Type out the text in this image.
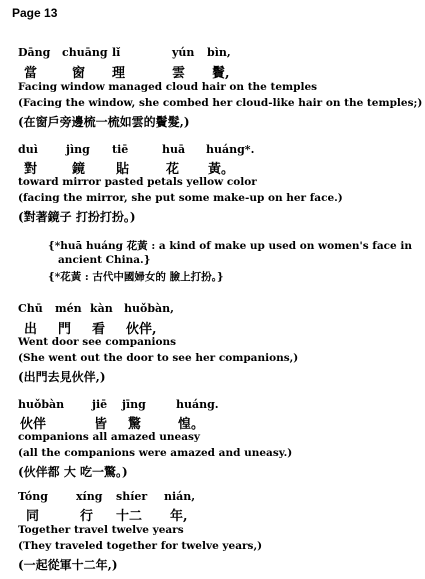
Page 13
Dāng chuāng lǐ	yún bìn,
當	窗 理	雲 鬢,
Facing window managed cloud hair on the temples
(Facing the window, she combed her cloud-like hair on the temples;)
(在窗戶旁邊梳一梳如雲的鬢髮,)
duì	jìng tiē	huā huáng*.
對	鏡 貼	花 黃。
toward mirror pasted petals yellow color
(facing the mirror, she put some make-up on her face.)
(對著鏡子 打扮打扮。)
{*huā huáng 花黃 : a kind of make up used on women's face in
ancient China.}
{*花黃 : 古代中國婦女的 臉上打扮。}
Chū mén kàn huǒbàn,
出 門 看 伙伴,
Went door see companions
(She went out the door to see her companions,)
(出門去見伙伴,)
huǒbàn	jiē jīng	huáng.
伙伴	皆 驚	惶。
companions all amazed uneasy
(all the companions were amazed and uneasy.)
(伙伴都 大 吃一驚。)
Tóng	xíng shíer nián,
同	行 十二 年,
Together travel twelve years
(They traveled together for twelve years,)
(一起從軍十二年,)
